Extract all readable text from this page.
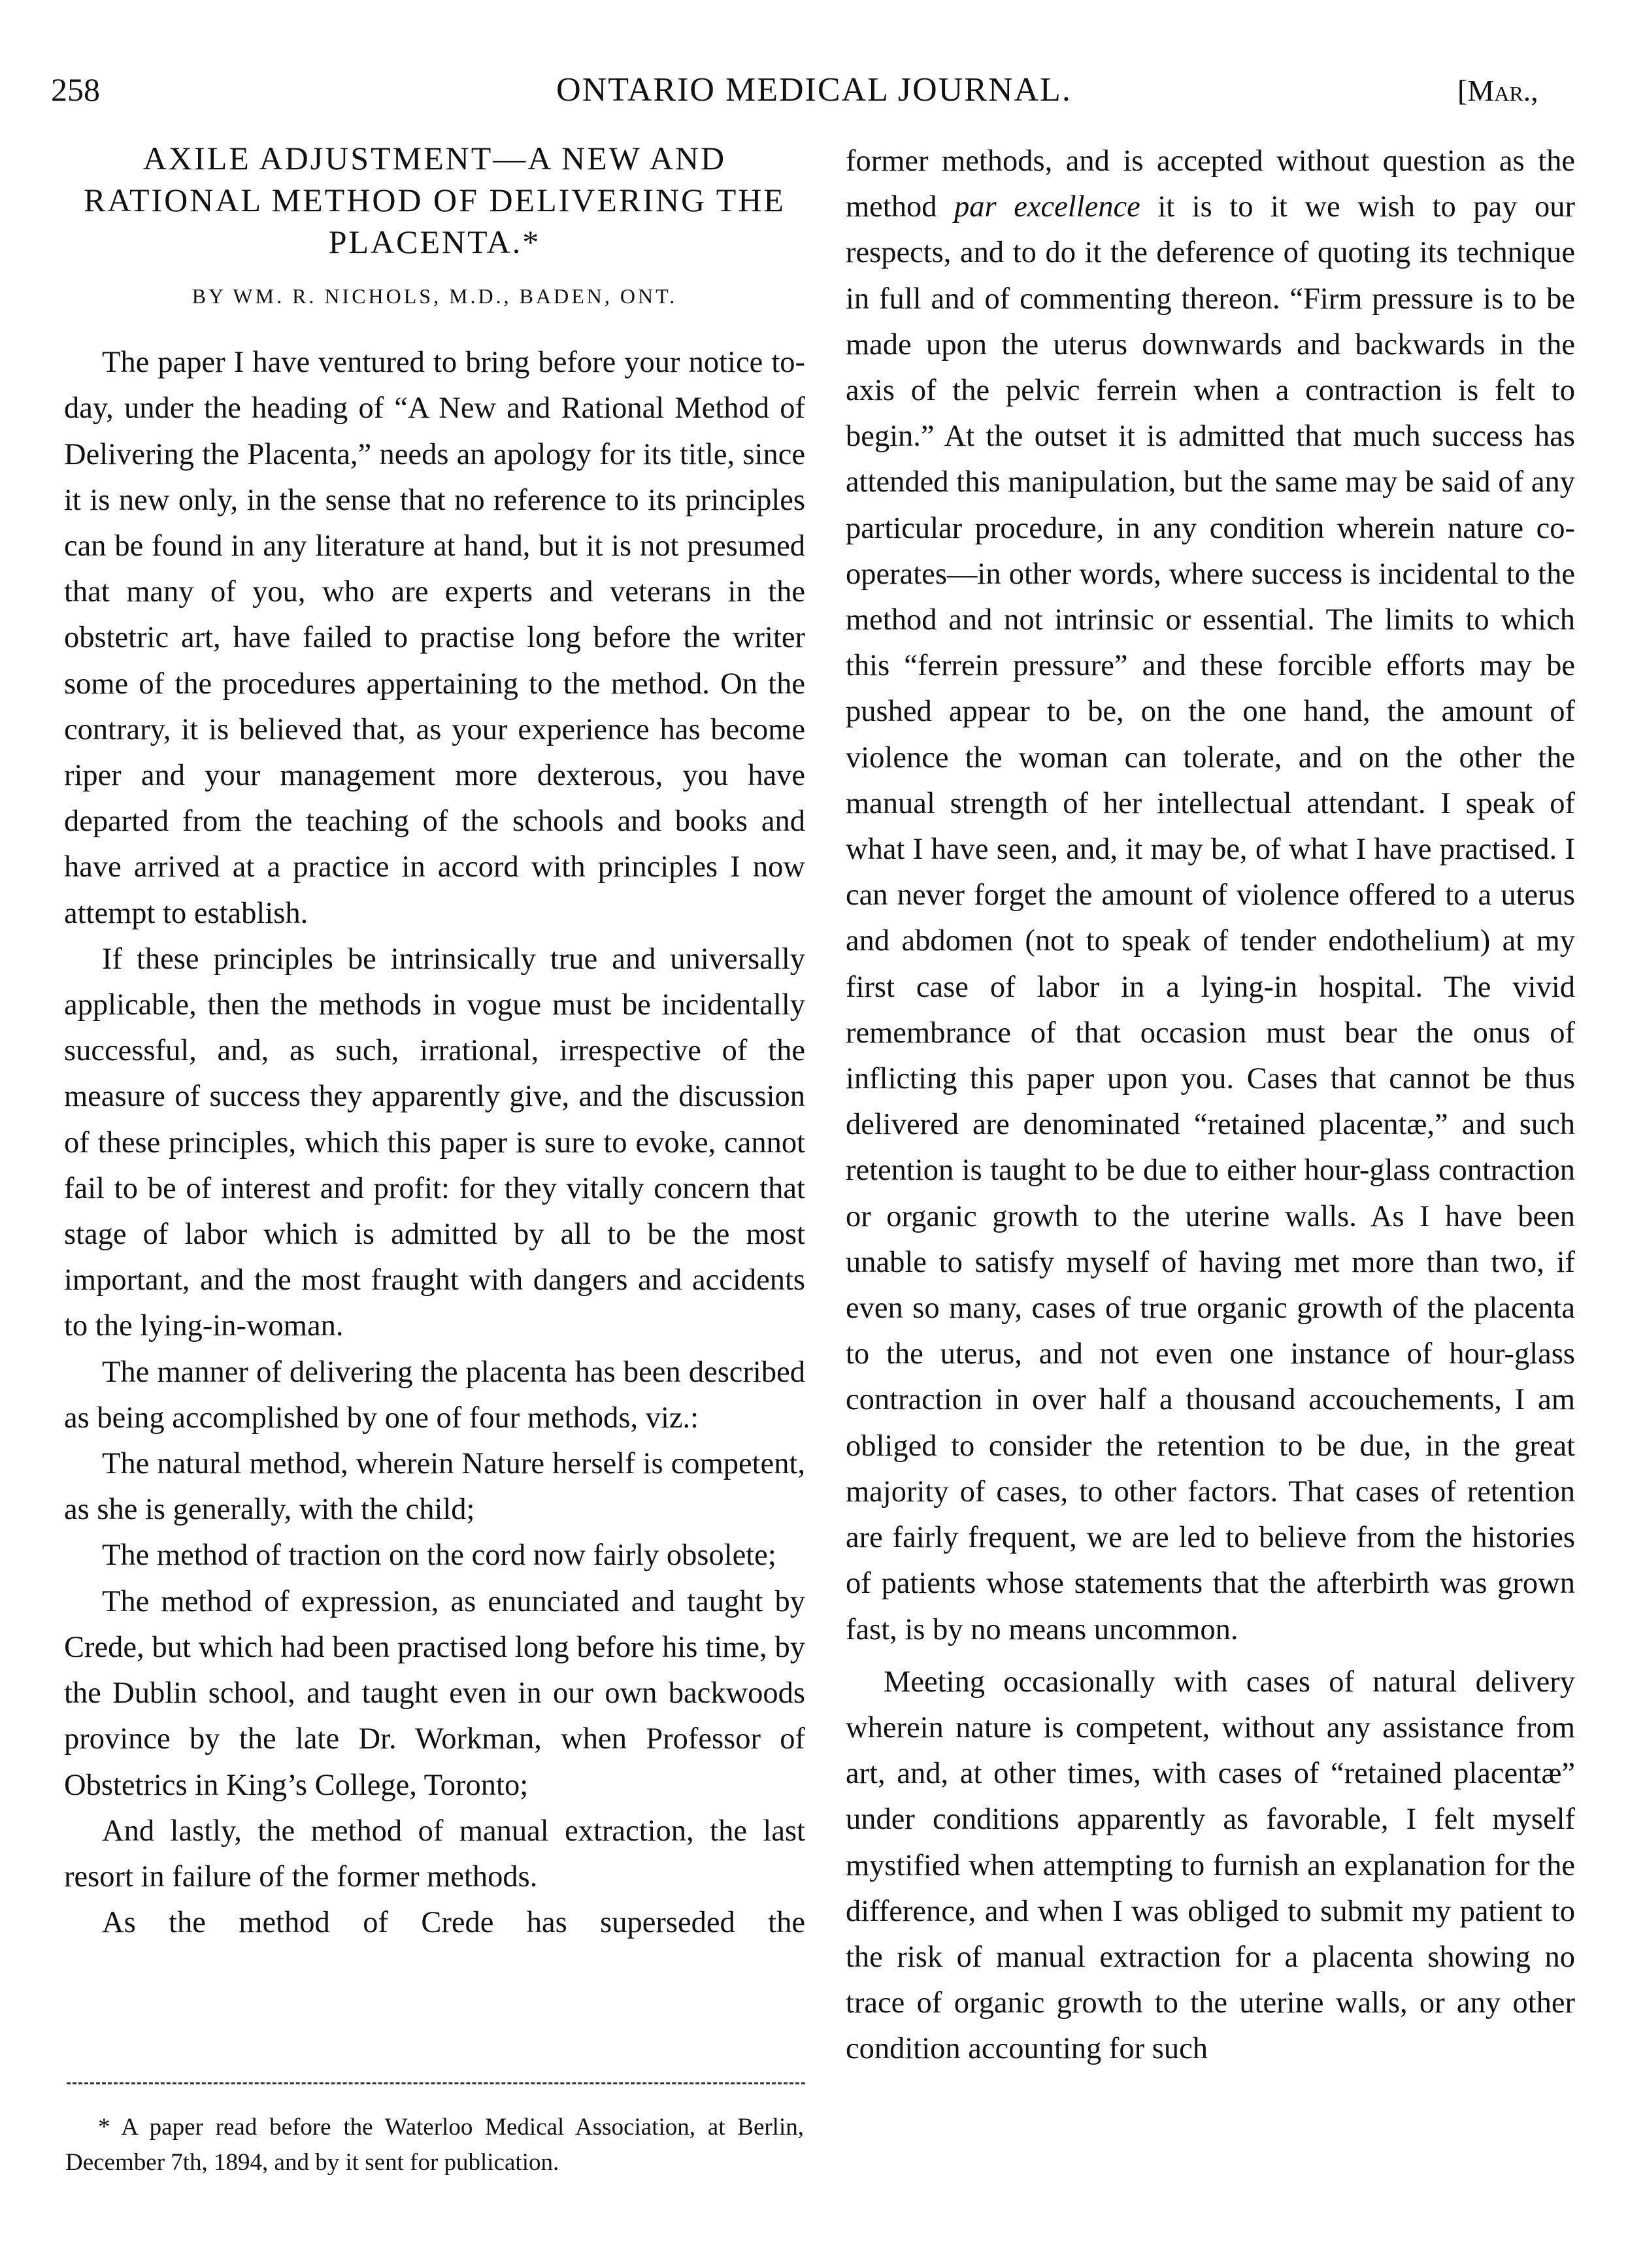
258	ONTARIO MEDICAL JOURNAL.	[Mar.,
AXILE ADJUSTMENT—A NEW AND RATIONAL METHOD OF DELIVERING THE PLACENTA.*
BY WM. R. NICHOLS, M.D., BADEN, ONT.

The paper I have ventured to bring before your notice to-day, under the heading of “A New and Rational Method of Delivering the Placenta,” needs an apology for its title, since it is new only, in the sense that no reference to its principles can be found in any literature at hand, but it is not presumed that many of you, who are experts and veterans in the obstetric art, have failed to practise long before the writer some of the procedures appertaining to the method. On the contrary, it is believed that, as your experience has become riper and your management more dexterous, you have departed from the teaching of the schools and books and have arrived at a practice in accord with principles I now attempt to establish.

If these principles be intrinsically true and universally applicable, then the methods in vogue must be incidentally successful, and, as such, irrational, irrespective of the measure of success they apparently give, and the discussion of these principles, which this paper is sure to evoke, cannot fail to be of interest and profit: for they vitally concern that stage of labor which is admitted by all to be the most important, and the most fraught with dangers and accidents to the lying-in-woman.

The manner of delivering the placenta has been described as being accomplished by one of four methods, viz.:

The natural method, wherein Nature herself is competent, as she is generally, with the child;

The method of traction on the cord now fairly obsolete;

The method of expression, as enunciated and taught by Crede, but which had been practised long before his time, by the Dublin school, and taught even in our own backwoods province by the late Dr. Workman, when Professor of Obstetrics in King’s College, Toronto;

And lastly, the method of manual extraction, the last resort in failure of the former methods.

As the method of Crede has superseded the

former methods, and is accepted without question as the method par excellence it is to it we wish to pay our respects, and to do it the deference of quoting its technique in full and of commenting thereon. “Firm pressure is to be made upon the uterus downwards and backwards in the axis of the pelvic ferrein when a contraction is felt to begin.” At the outset it is admitted that much success has attended this manipulation, but the same may be said of any particular procedure, in any condition wherein nature co-operates—in other words, where success is incidental to the method and not intrinsic or essential. The limits to which this “ferrein pressure” and these forcible efforts may be pushed appear to be, on the one hand, the amount of violence the woman can tolerate, and on the other the manual strength of her intellectual attendant. I speak of what I have seen, and, it may be, of what I have practised. I can never forget the amount of violence offered to a uterus and abdomen (not to speak of tender endothelium) at my first case of labor in a lying-in hospital. The vivid remembrance of that occasion must bear the onus of inflicting this paper upon you. Cases that cannot be thus delivered are denominated “retained placentæ,” and such retention is taught to be due to either hour-glass contraction or organic growth to the uterine walls. As I have been unable to satisfy myself of having met more than two, if even so many, cases of true organic growth of the placenta to the uterus, and not even one instance of hour-glass contraction in over half a thousand accouchements, I am obliged to consider the retention to be due, in the great majority of cases, to other factors. That cases of retention are fairly frequent, we are led to believe from the histories of patients whose statements that the afterbirth was grown fast, is by no means uncommon.

Meeting occasionally with cases of natural delivery wherein nature is competent, without any assistance from art, and, at other times, with cases of “retained placentæ” under conditions apparently as favorable, I felt myself mystified when attempting to furnish an explanation for the difference, and when I was obliged to submit my patient to the risk of manual extraction for a placenta showing no trace of organic growth to the uterine walls, or any other condition accounting for such

* A paper read before the Waterloo Medical Association, at Berlin, December 7th, 1894, and by it sent for publication.
